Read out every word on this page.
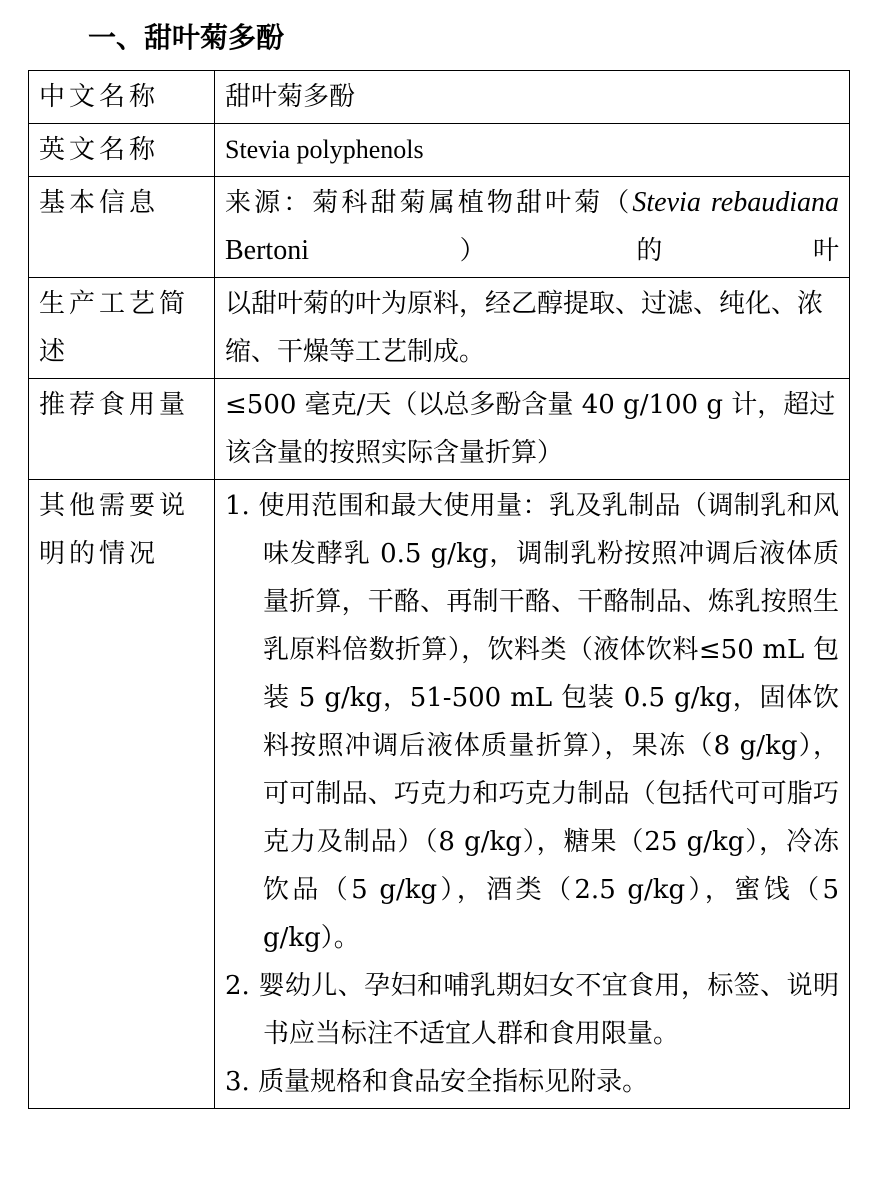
一、甜叶菊多酚
中文名称	甜叶菊多酚
英文名称	Stevia polyphenols
基本信息	来源：菊科甜菊属植物甜叶菊（Stevia rebaudiana Bertoni）的叶
生产工艺简述	以甜叶菊的叶为原料，经乙醇提取、过滤、纯化、浓缩、干燥等工艺制成。
推荐食用量	≤500 毫克/天（以总多酚含量 40 g/100 g 计，超过该含量的按照实际含量折算）
其他需要说明的情况	1. 使用范围和最大使用量：乳及乳制品（调制乳和风味发酵乳 0.5 g/kg，调制乳粉按照冲调后液体质量折算，干酪、再制干酪、干酪制品、炼乳按照生乳原料倍数折算），饮料类（液体饮料≤50 mL 包装 5 g/kg，51-500 mL 包装 0.5 g/kg，固体饮料按照冲调后液体质量折算），果冻（8 g/kg），可可制品、巧克力和巧克力制品（包括代可可脂巧克力及制品）（8 g/kg），糖果（25 g/kg），冷冻饮品（5 g/kg），酒类（2.5 g/kg），蜜饯（5 g/kg）。
2. 婴幼儿、孕妇和哺乳期妇女不宜食用，标签、说明书应当标注不适宜人群和食用限量。
3. 质量规格和食品安全指标见附录。
